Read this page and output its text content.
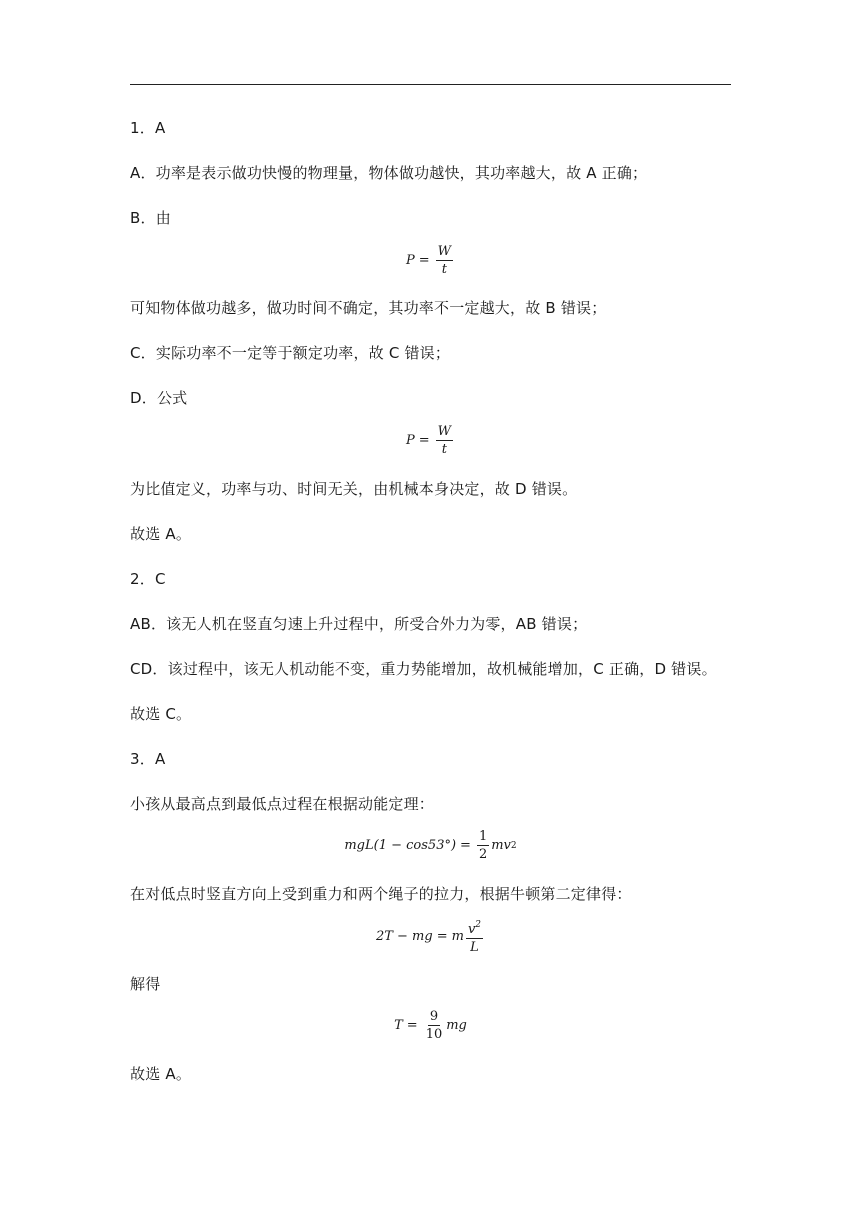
1．A
A．功率是表示做功快慢的物理量，物体做功越快，其功率越大，故 A 正确；
B．由
$P = \frac{W}{t}$
可知物体做功越多，做功时间不确定，其功率不一定越大，故 B 错误；
C．实际功率不一定等于额定功率，故 C 错误；
D．公式
$P = \frac{W}{t}$
为比值定义，功率与功、时间无关，由机械本身决定，故 D 错误。
故选 A。
2．C
AB．该无人机在竖直匀速上升过程中，所受合外力为零，AB 错误；
CD．该过程中，该无人机动能不变，重力势能增加，故机械能增加，C 正确，D 错误。
故选 C。
3．A
小孩从最高点到最低点过程在根据动能定理：
$mgL(1 - \cos 53^\circ) = \frac{1}{2}$ mv 2
在对低点时竖直方向上受到重力和两个绳子的拉力，根据牛顿第二定律得：
2T − mg = m $\frac{v^2}{L}$
解得
$T = \frac{9}{10}$ mg
故选 A。
